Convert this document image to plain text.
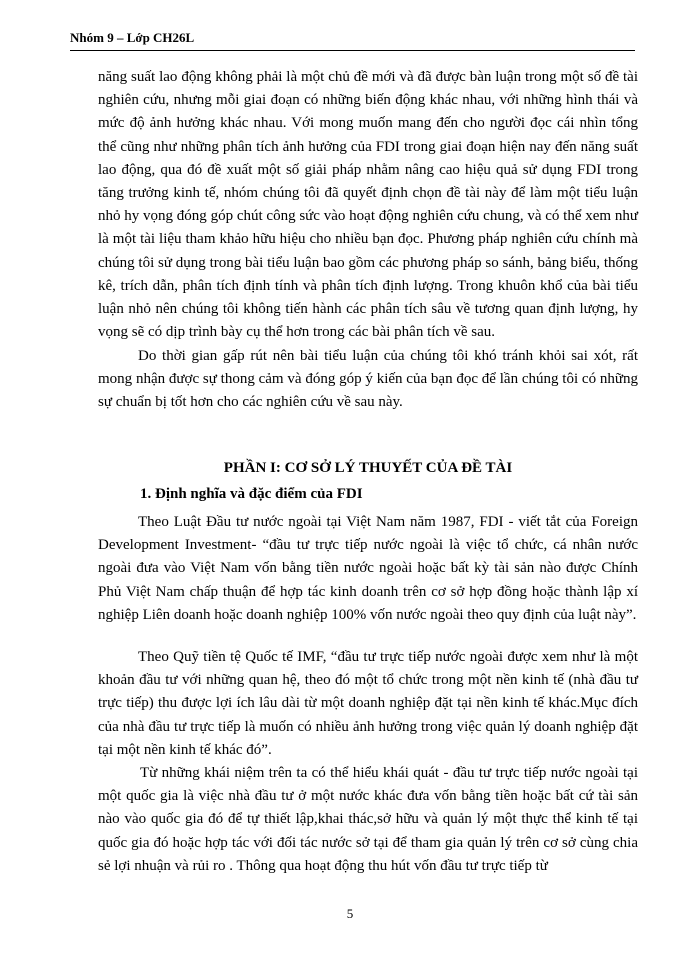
Nhóm 9 – Lớp CH26L
năng suất lao động không phải là một chủ đề mới và đã được bàn luận trong một số đề tài nghiên cứu, nhưng mỗi giai đoạn có những biến động khác nhau, với những hình thái và mức độ ảnh hưởng khác nhau. Với mong muốn mang đến cho người đọc cái nhìn tổng thể cũng như những phân tích ảnh hưởng của FDI trong giai đoạn hiện nay đến năng suất lao động, qua đó đề xuất một số giải pháp nhằm nâng cao hiệu quả sử dụng FDI trong tăng trưởng kinh tế, nhóm chúng tôi đã quyết định chọn đề tài này để làm một tiểu luận nhỏ hy vọng đóng góp chút công sức vào hoạt động nghiên cứu chung, và có thể xem như là một tài liệu tham khảo hữu hiệu cho nhiều bạn đọc. Phương pháp nghiên cứu chính mà chúng tôi sử dụng trong bài tiểu luận bao gồm các phương pháp so sánh, bảng biểu, thống kê, trích dẫn, phân tích định tính và phân tích định lượng. Trong khuôn khổ của bài tiểu luận nhỏ nên chúng tôi không tiến hành các phân tích sâu về tương quan định lượng, hy vọng sẽ có dịp trình bày cụ thể hơn trong các bài phân tích về sau.
Do thời gian gấp rút nên bài tiểu luận của chúng tôi khó tránh khỏi sai xót, rất mong nhận được sự thong cảm và đóng góp ý kiến của bạn đọc để lần chúng tôi có những sự chuẩn bị tốt hơn cho các nghiên cứu về sau này.
PHẦN I: CƠ SỞ LÝ THUYẾT CỦA ĐỀ TÀI
1. Định nghĩa và đặc điểm của FDI
Theo Luật Đầu tư nước ngoài tại Việt Nam năm 1987, FDI - viết tắt của Foreign Development Investment- “đầu tư trực tiếp nước ngoài là việc tổ chức, cá nhân nước ngoài đưa vào Việt Nam vốn bằng tiền nước ngoài hoặc bất kỳ tài sản nào được Chính Phủ Việt Nam chấp thuận để hợp tác kinh doanh trên cơ sở hợp đồng hoặc thành lập xí nghiệp Liên doanh hoặc doanh nghiệp 100% vốn nước ngoài theo quy định của luật này”.
Theo Quỹ tiền tệ Quốc tế IMF, “đầu tư trực tiếp nước ngoài được xem như là một khoản đầu tư với những quan hệ, theo đó một tổ chức trong một nền kinh tế (nhà đầu tư trực tiếp) thu được lợi ích lâu dài từ một doanh nghiệp đặt tại nền kinh tế khác.Mục đích của nhà đầu tư trực tiếp là muốn có nhiều ảnh hưởng trong việc quản lý doanh nghiệp đặt tại một nền kinh tế khác đó”.
Từ những khái niệm trên ta có thể hiểu khái quát - đầu tư trực tiếp nước ngoài tại một quốc gia là việc nhà đầu tư ở một nước khác đưa vốn bằng tiền hoặc bất cứ tài sản nào vào quốc gia đó để tự thiết lập,khai thác,sở hữu và quản lý một thực thể kinh tế tại quốc gia đó hoặc hợp tác với đối tác nước sở tại để tham gia quản lý trên cơ sở cùng chia sẻ lợi nhuận và rủi ro . Thông qua hoạt động thu hút vốn đầu tư trực tiếp từ
5
